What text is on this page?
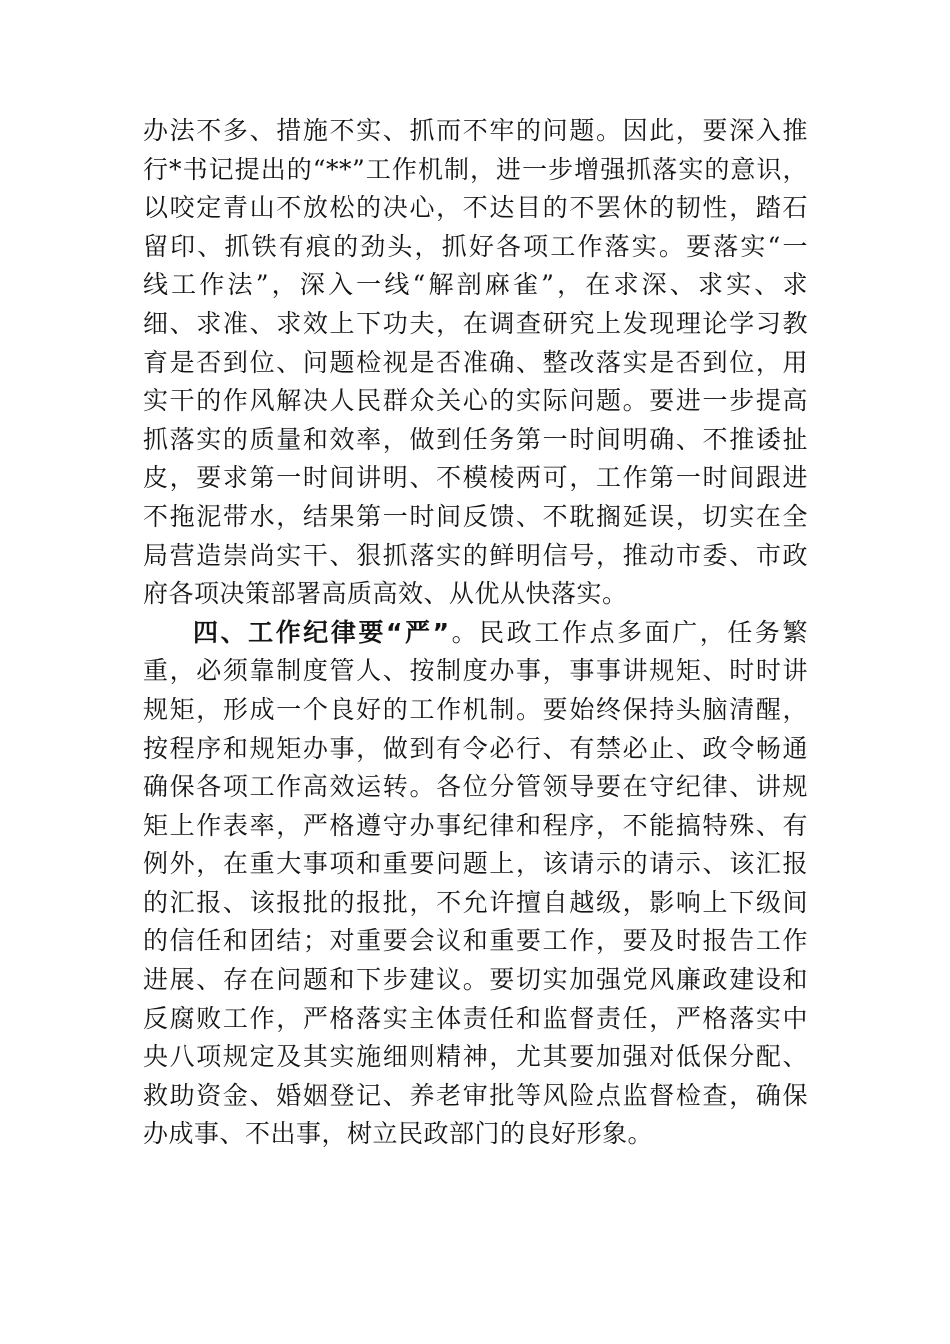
办法不多、措施不实、抓而不牢的问题。因此，要深入推
行*书记提出的“**”工作机制，进一步增强抓落实的意识，
以咬定青山不放松的决心，不达目的不罢休的韧性，踏石
留印、抓铁有痕的劲头，抓好各项工作落实。要落实“一
线工作法”，深入一线“解剖麻雀”，在求深、求实、求
细、求准、求效上下功夫，在调查研究上发现理论学习教
育是否到位、问题检视是否准确、整改落实是否到位，用
实干的作风解决人民群众关心的实际问题。要进一步提高
抓落实的质量和效率，做到任务第一时间明确、不推诿扯
皮，要求第一时间讲明、不模棱两可，工作第一时间跟进
不拖泥带水，结果第一时间反馈、不耽搁延误，切实在全
局营造崇尚实干、狠抓落实的鲜明信号，推动市委、市政
府各项决策部署高质高效、从优从快落实。
四、工作纪律要“严”。民政工作点多面广，任务繁
重，必须靠制度管人、按制度办事，事事讲规矩、时时讲
规矩，形成一个良好的工作机制。要始终保持头脑清醒，
按程序和规矩办事，做到有令必行、有禁必止、政令畅通
确保各项工作高效运转。各位分管领导要在守纪律、讲规
矩上作表率，严格遵守办事纪律和程序，不能搞特殊、有
例外，在重大事项和重要问题上，该请示的请示、该汇报
的汇报、该报批的报批，不允许擅自越级，影响上下级间
的信任和团结；对重要会议和重要工作，要及时报告工作
进展、存在问题和下步建议。要切实加强党风廉政建设和
反腐败工作，严格落实主体责任和监督责任，严格落实中
央八项规定及其实施细则精神，尤其要加强对低保分配、
救助资金、婚姻登记、养老审批等风险点监督检查，确保
办成事、不出事，树立民政部门的良好形象。
